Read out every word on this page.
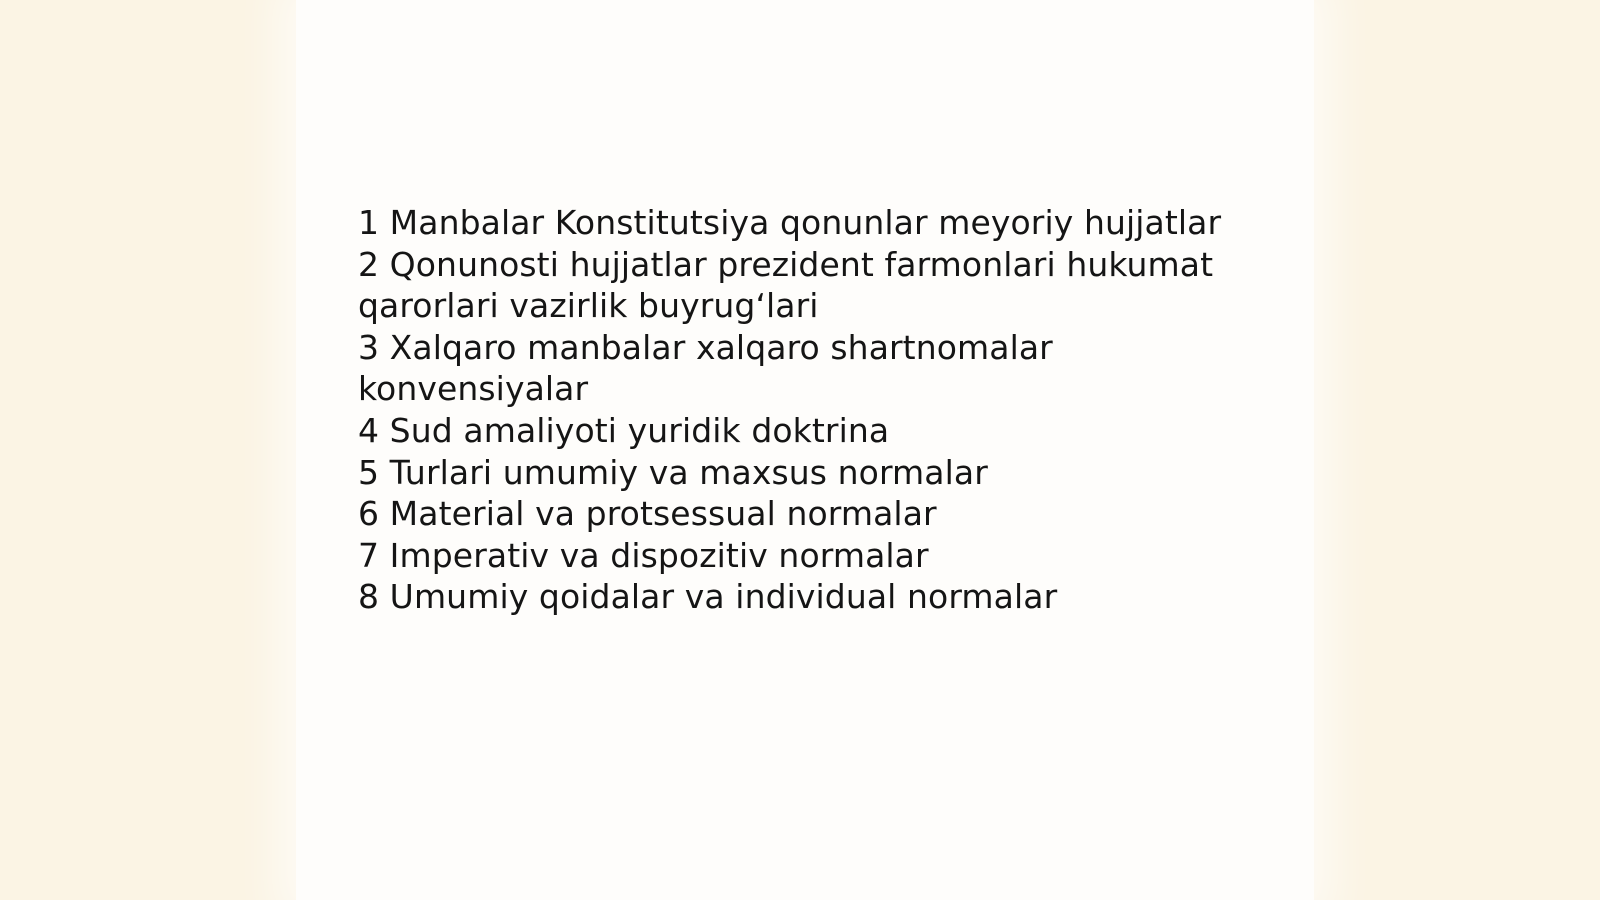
1 Manbalar Konstitutsiya qonunlar meyoriy hujjatlar

2 Qonunosti hujjatlar prezident farmonlari hukumat

qarorlari vazirlik buyrug‘lari

3 Xalqaro manbalar xalqaro shartnomalar

konvensiyalar

4 Sud amaliyoti yuridik doktrina

5 Turlari umumiy va maxsus normalar

6 Material va protsessual normalar

7 Imperativ va dispozitiv normalar

8 Umumiy qoidalar va individual normalar
